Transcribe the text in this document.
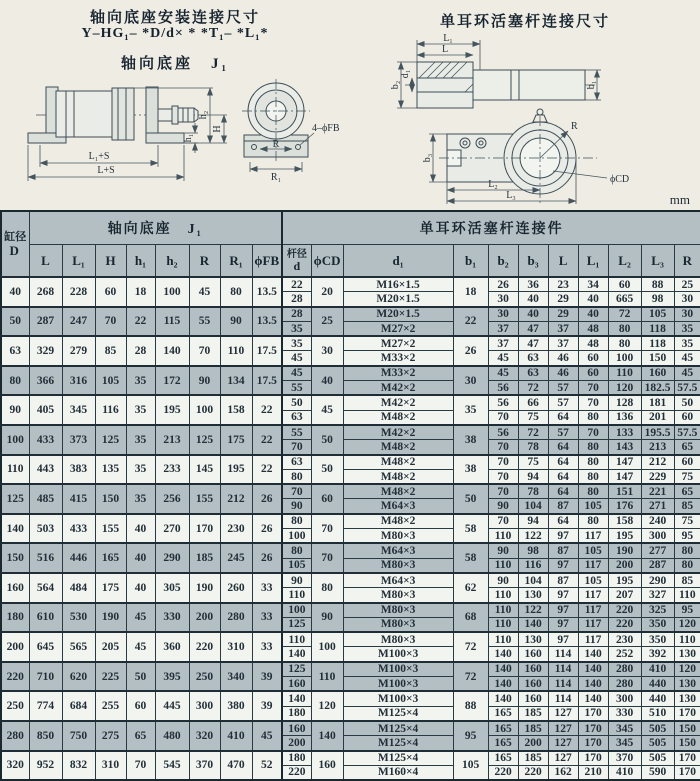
轴向底座安装连接尺寸
Y–HG₁– *D/d× * *T₁– *L₁*
轴向底座　J₁
单耳环活塞杆连接尺寸
L₁+S
L+S
h₁
h₂
H
R
R₁
4–ϕFB
L₁
L
b₂
d₁
b₁
b₃
R
ϕCD
L₂
L₃	mm
缸径
D	轴向底座　J₁								单耳环活塞杆连接件										
	L	L₁	H	h₁	h₂	R	R₁	ϕFB	杆径
d	ϕCD	d₁	b₁	b₂	b₃	L	L₁	L₂	L₃	R
40	268	228	60	18	100	45	80	13.5	22	20	M16×1.5	18	26	36	23	34	60	88	25
									28		M20×1.5		30	40	29	40	665	98	30
50	287	247	70	22	115	55	90	13.5	28	25	M20×1.5	22	30	40	29	40	72	105	30
									35		M27×2		37	47	37	48	80	118	35
63	329	279	85	28	140	70	110	17.5	35	30	M27×2	26	37	47	37	48	80	118	35
									45		M33×2		45	63	46	60	100	150	45
80	366	316	105	35	172	90	134	17.5	45	40	M33×2	30	45	63	46	60	110	160	45
									55		M42×2		56	72	57	70	120	182.5	57.5
90	405	345	116	35	195	100	158	22	50	45	M42×2	35	56	66	57	70	128	181	50
									63		M48×2		70	75	64	80	136	201	60
100	433	373	125	35	213	125	175	22	55	50	M42×2	38	56	72	57	70	133	195.5	57.5
									70		M48×2		70	78	64	80	143	213	65
110	443	383	135	35	233	145	195	22	63	50	M48×2	38	70	75	64	80	147	212	60
									80		M48×2		70	94	64	80	147	229	75
125	485	415	150	35	256	155	212	26	70	60	M48×2	50	70	78	64	80	151	221	65
									90		M64×3		90	104	87	105	176	271	85
140	503	433	155	40	270	170	230	26	80	70	M48×2	58	70	94	64	80	158	240	75
									100		M80×3		110	122	97	117	195	300	95
150	516	446	165	40	290	185	245	26	80	70	M64×3	58	90	98	87	105	190	277	80
									105		M80×3		110	116	97	117	200	287	80
160	564	484	175	40	305	190	260	33	90	80	M64×3	62	90	104	87	105	195	290	85
									110		M80×3		110	130	97	117	207	327	110
180	610	530	190	45	330	200	280	33	100	90	M80×3	68	110	122	97	117	220	325	95
									125		M80×3		110	140	97	117	220	350	120
200	645	565	205	45	360	220	310	33	110	100	M80×3	72	110	130	97	117	230	350	110
									140		M100×3		140	160	114	140	252	392	130
220	710	620	225	50	395	250	340	39	125	110	M100×3	72	140	160	114	140	280	410	120
									160		M100×3		140	160	114	140	280	440	130
250	774	684	255	60	445	300	380	39	140	120	M100×3	88	140	160	114	140	300	440	130
									180		M125×4		165	185	127	170	330	510	170
280	850	750	275	65	480	320	410	45	160	140	M125×4	95	165	185	127	170	345	505	150
									200		M125×4		165	200	127	170	345	505	150
320	952	832	310	70	545	370	470	52	180	160	M125×4	105	165	185	127	170	370	505	170
									220		M160×4		220	220	162	210	410	590	170
